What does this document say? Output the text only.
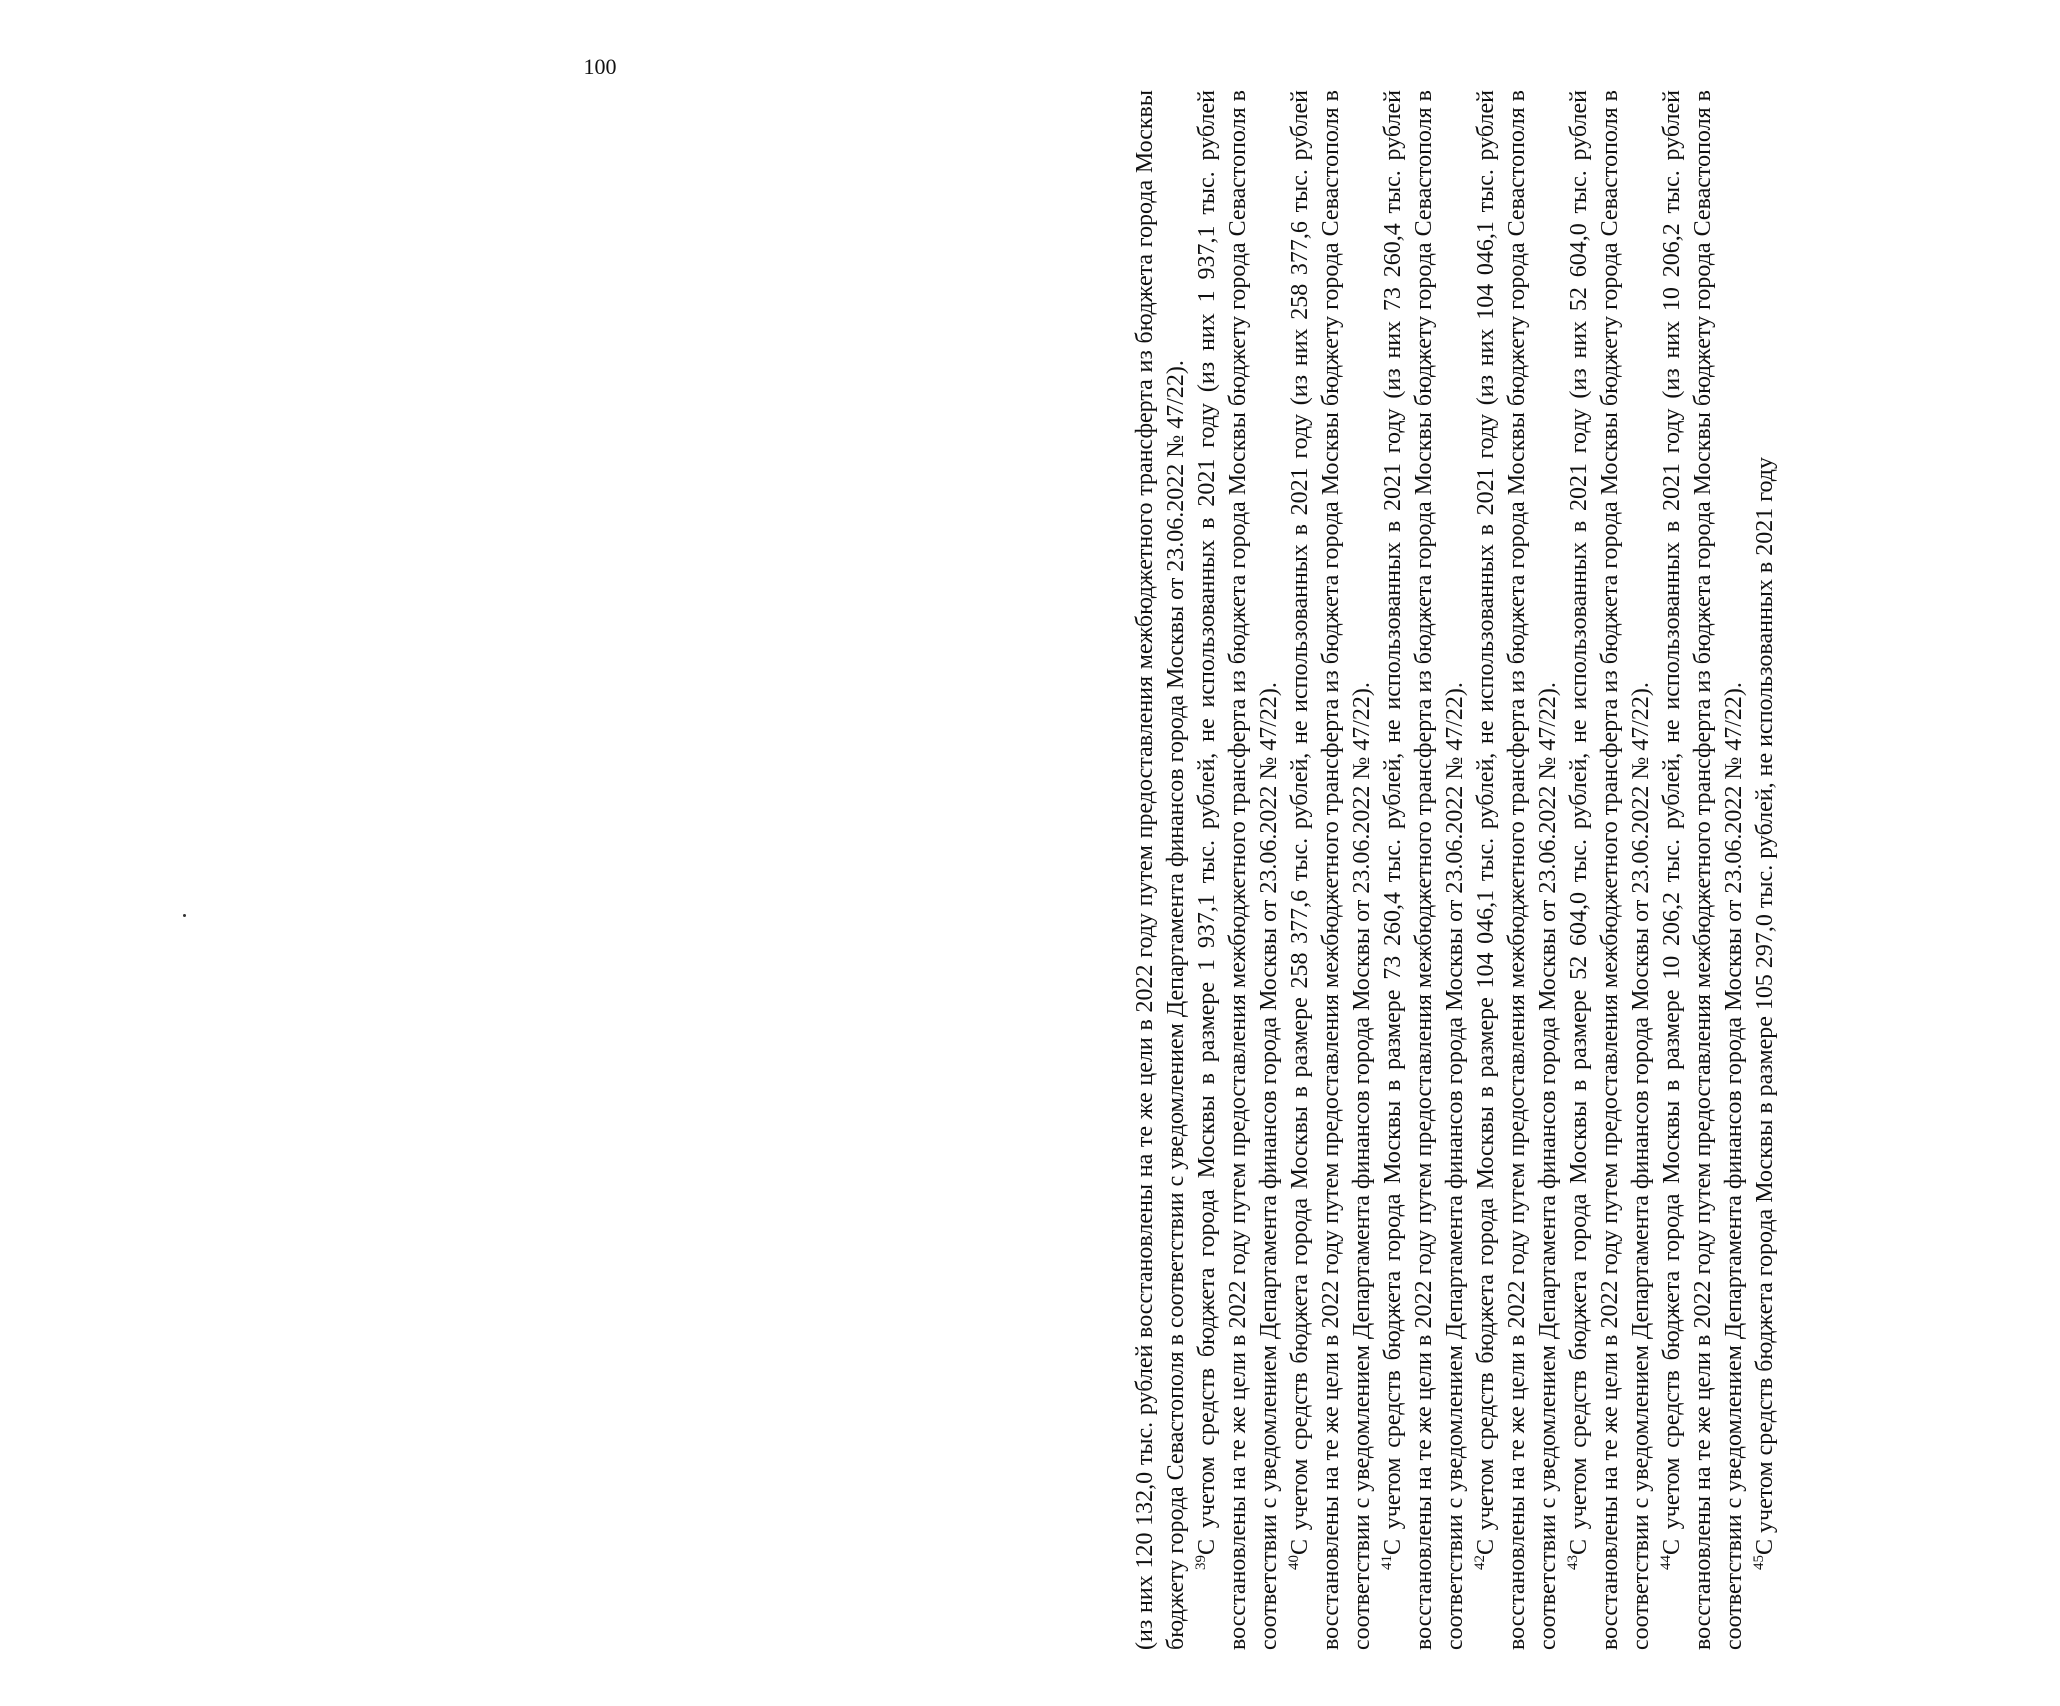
100

(из них 120 132,0 тыс. рублей восстановлены на те же цели в 2022 году путем предоставления межбюджетного трансферта из бюджета города Москвы бюджету города Севастополя в соответствии с уведомлением Департамента финансов города Москвы от 23.06.2022 № 47/22). $^{39}$С учетом средств бюджета города Москвы в размере 1 937,1 тыс. рублей, не использованных в 2021 году (из них 1 937,1 тыс. рублей восстановлены на те же цели в 2022 году путем предоставления межбюджетного трансферта из бюджета города Москвы бюджету города Севастополя в соответствии с уведомлением Департамента финансов города Москвы от 23.06.2022 № 47/22). $^{40}$С учетом средств бюджета города Москвы в размере 258 377,6 тыс. рублей, не использованных в 2021 году (из них 258 377,6 тыс. рублей восстановлены на те же цели в 2022 году путем предоставления межбюджетного трансферта из бюджета города Москвы бюджету города Севастополя в соответствии с уведомлением Департамента финансов города Москвы от 23.06.2022 № 47/22). $^{41}$С учетом средств бюджета города Москвы в размере 73 260,4 тыс. рублей, не использованных в 2021 году (из них 73 260,4 тыс. рублей восстановлены на те же цели в 2022 году путем предоставления межбюджетного трансферта из бюджета города Москвы бюджету города Севастополя в соответствии с уведомлением Департамента финансов города Москвы от 23.06.2022 № 47/22). $^{42}$С учетом средств бюджета города Москвы в размере 104 046,1 тыс. рублей, не использованных в 2021 году (из них 104 046,1 тыс. рублей восстановлены на те же цели в 2022 году путем предоставления межбюджетного трансферта из бюджета города Москвы бюджету города Севастополя в соответствии с уведомлением Департамента финансов города Москвы от 23.06.2022 № 47/22). $^{43}$С учетом средств бюджета города Москвы в размере 52 604,0 тыс. рублей, не использованных в 2021 году (из них 52 604,0 тыс. рублей восстановлены на те же цели в 2022 году путем предоставления межбюджетного трансферта из бюджета города Москвы бюджету города Севастополя в соответствии с уведомлением Департамента финансов города Москвы от 23.06.2022 № 47/22). $^{44}$С учетом средств бюджета города Москвы в размере 10 206,2 тыс. рублей, не использованных в 2021 году (из них 10 206,2 тыс. рублей восстановлены на те же цели в 2022 году путем предоставления межбюджетного трансферта из бюджета города Москвы бюджету города Севастополя в соответствии с уведомлением Департамента финансов города Москвы от 23.06.2022 № 47/22). $^{45}$С учетом средств бюджета города Москвы в размере 105 297,0 тыс. рублей, не использованных в 2021 году
